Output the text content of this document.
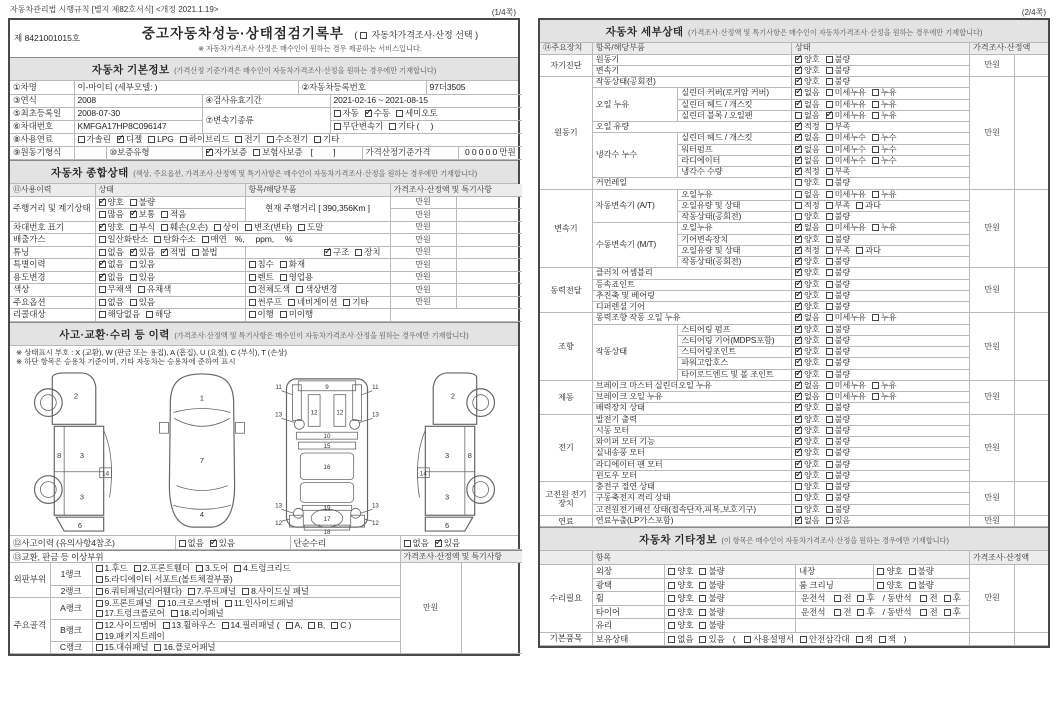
자동차관리법 시행규칙 [별지 제82호서식] <개정 2021.1.19>	(1/4쪽)
제 8421001015호	중고자동차성능·상태점검기록부 ( 자동차가격조사·산정 선택 )
※ 자동차가격조사·산정은 매수인이 원하는 경우 제공하는 서비스입니다.
자동차 기본정보 (가격산정 기준가격은 매수인이 자동차가격조사·산정을 원하는 경우에만 기재합니다)
①차명	이-마이티 (세부모델: )			②자동차등록번호			97더3505	
③연식	2008		④검사유효기간		2021-02-16 ~ 2021-08-15			
⑤최초등록일	2008-07-30		⑦변속기종류		자동 ✓ 수동 세미오토
⑥차대번호	KMFGA17HP8C096147				무단변속기 기타 (     )			
⑧사용연료	가솔린 ✓ 디젤 LPG 하이브리드 전기 수소전기 기타
⑨원동기형식		⑩보증유형	✓자가보증 보험사보증 [         ]			가격산정기준가격		0 0 0 0 0 만원
자동차 종합상태 (색상, 주요옵션, 가격조사·산정액 및 특기사항은 매수인이 자동차가격조사·산정을 원하는 경우에만 기재합니다)
⑪사용이력	상태	항목/해당부품	가격조사·산정액 및 특기사항	
주행거리 및 계기상태	✓양호 불량	현재 주행거리 [ 390,356Km ]	만원	
	많음 ✓ 보통 적음		만원	
차대번호 표기	✓양호 부식 훼손(오손) 상이 변조(변타) 도말		만원	
배출가스	일산화탄소 탄화수소 매연 %, ppm, %		만원	
튜닝	없음 ✓ 있음 ✓ 적법 불법	✓구조 장치	만원	
특별이력	✓없음 있음	침수 화재	만원	
용도변경	✓없음 있음	렌트 영업용	만원	
색상	무채색 유채색	전체도색 색상변경	만원	
주요옵션	없음 있음	썬루프 네비게이션 기타	만원	
리콜대상	해당없음 해당	이행 미이행		
사고·교환·수리 등 이력 (가격조사·산정액 및 특기사항은 매수인이 자동차가격조사·산정을 원하는 경우에만 기재합니다)
※ 상태표시 부호 : X (교환), W (판금 또는 용접), A (흠집), U (요철), C (부식), T (손상)
※ 하단 항목은 승용차 기준이며, 기타 자동차는 승용차에 준하여 표시
2
8 3
14
3
6
1
7
4
11	11
13	13
12	12
9
10
15
16
19
13	13
12	12
17
18
2
8
3
14
3
6
⑫사고이력 (유의사항4참조)	없음 ✓ 있음	단순수리	없음 ✓ 있음
⑬교환, 판금 등 이상부위			가격조사·산정액 및 특기사항	
외판부위	1랭크	1.후드 2.프론트휀더 3.도어 4.트렁크리드
5.라디에이터 서포트(볼트체결부품)	만원	
	2랭크	6.쿼터패널(리어휀다) 7.루프패널 8.사이드실 패널		
주요골격	A랭크	9.프론트패널 10.크로스멤버 11.인사이드패널
17.트렁크플로어 18.리어패널		
	B랭크	12.사이드멤버 13.휠하우스 14.필러패널 ( A, B, C )
19.패키지트레이		
	C랭크	15.대쉬패널 16.플로어패널		
(2/4쪽)
자동차 세부상태 (가격조사·산정액 및 특기사항은 매수인이 자동차가격조사·산정을 원하는 경우에만 기재합니다)
⑭주요장치	항목/해당부품		상태	가격조사·산정액	
자기진단	원동기	✓양호 불량	만원	
	변속기	✓양호 불량
원동기	작동상태(공회전)	✓양호 불량	만원	
	오일 누유	실린더 커버(로커암 커버)	✓없음 미세누유 누유
		실린더 헤드 / 개스킷	✓없음 미세누유 누유
		실린더 블록 / 오일팬	없음 ✓ 미세누유 누유
	오일 유량	✓적정 부족
	냉각수 누수	실린더 헤드 / 개스킷	✓없음 미세누수 누수
		워터펌프	✓없음 미세누수 누수
		라디에이터	✓없음 미세누수 누수
		냉각수 수량	✓적정 부족
	커먼레일		양호 불량		
변속기	자동변속기 (A/T)	오일누유	없음 미세누유 누유	만원	
		오일유량 및 상태	적정 부족 과다		
		작동상태(공회전)	양호 불량		
	수동변속기 (M/T)	오일누유	✓없음 미세누유 누유
		기어변속장치	✓양호 불량
		오일유량 및 상태	✓적정 부족 과다
		작동상태(공회전)	✓양호 불량
동력전달	클러치 어셈블리	✓양호 불량	만원	
	등속죠인트	✓양호 불량
	추진축 및 베어링	✓양호 불량
	디퍼렌셜 기어	✓양호 불량
조향	동력조향 작동 오일 누유	✓없음 미세누유 누유	만원	
	작동상태	스티어링 펌프	✓양호 불량
		스티어링 기어(MDPS포함)	✓양호 불량
		스티어링조인트	✓양호 불량
		파워고압호스	✓양호 불량
		타이로드엔드 및 볼 조인트	✓양호 불량
제동	브레이크 마스터 실린더오일 누유	✓없음 미세누유 누유	만원	
	브레이크 오일 누유	✓없음 미세누유 누유
	배력장치 상태	✓양호 불량
전기	발전기 출력	✓양호 불량	만원	
	시동 모터	✓양호 불량
	와이퍼 모터 기능	✓양호 불량
	실내송풍 모터	✓양호 불량
	라디에이터 팬 모터	✓양호 불량
	윈도우 모터	✓양호 불량
고전원 전기장치	충전구 절연 상태		양호 불량	만원	
	구동축전지 격리 상태		양호 불량		
	고전원전기배선 상태(접속단자,피복,보호기구)		양호 불량		
연료	연료누출(LP가스포함)	✓없음 있음	만원	
자동차 기타정보 (이 항목은 매수인이 자동차가격조사·산정을 원하는 경우에만 기재합니다)
	항목				가격조사·산정액	
수리필요	외장	양호 불량	내장	양호 불량	만원	
	광택	양호 불량	룸 크리닝	양호 불량		
	휠	양호 불량	운전석 전 후 / 동반석 전 후			
	타이어	양호 불량	운전석 전 후 / 동반석 전 후			
	유리	양호 불량				
기본품목	보유상태	없음 있음 ( 사용설명서 안전삼각대 잭 잭 )				
